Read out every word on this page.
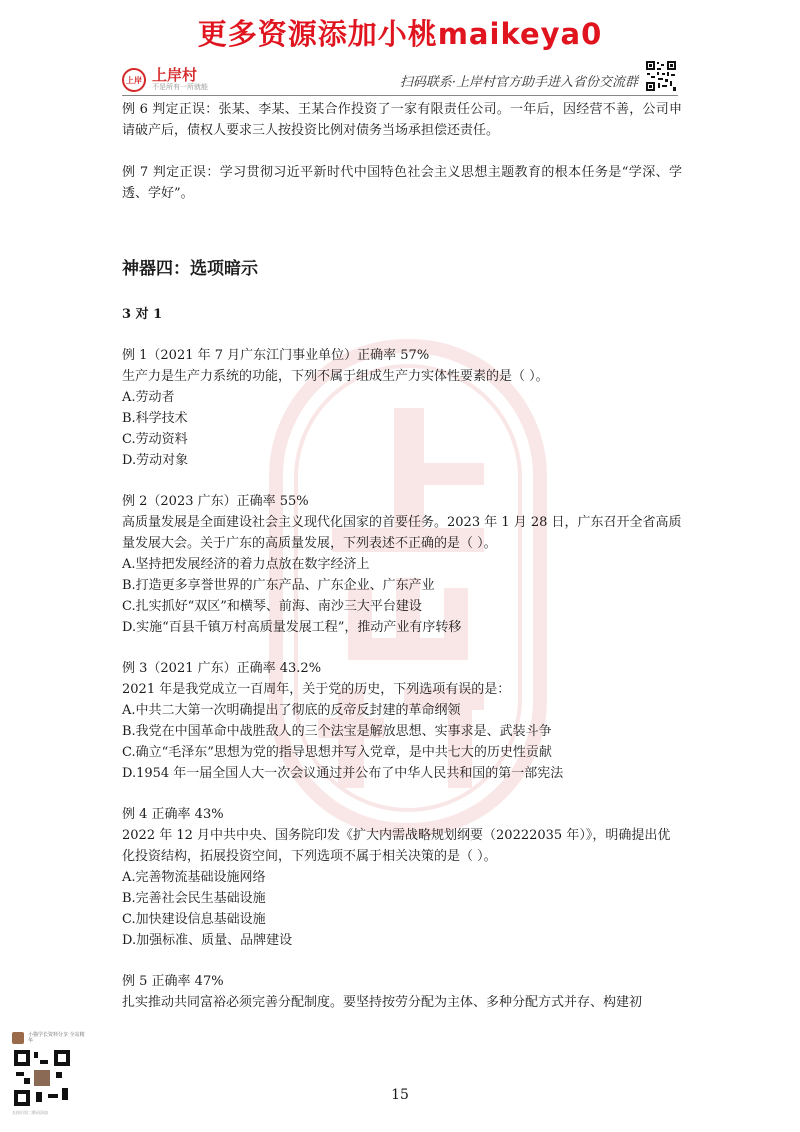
更多资源添加小桃maikeya0
上岸 上岸村
不是所有一所就能	扫码联系·上岸村官方助手进入省份交流群

例 6 判定正误：张某、李某、王某合作投资了一家有限责任公司。一年后，因经营不善，公司申请破产后，债权人要求三人按投资比例对债务当场承担偿还责任。

例 7 判定正误：学习贯彻习近平新时代中国特色社会主义思想主题教育的根本任务是“学深、学透、学好”。

神器四：选项暗示
3 对 1
例 1（2021 年 7 月广东江门事业单位）正确率 57%
生产力是生产力系统的功能，下列不属于组成生产力实体性要素的是（ ）。
A.劳动者
B.科学技术
C.劳动资料
D.劳动对象
例 2（2023 广东）正确率 55%
高质量发展是全面建设社会主义现代化国家的首要任务。2023 年 1 月 28 日，广东召开全省高质量发展大会。关于广东的高质量发展，下列表述不正确的是（ ）。
A.坚持把发展经济的着力点放在数字经济上
B.打造更多享誉世界的广东产品、广东企业、广东产业
C.扎实抓好“双区”和横琴、前海、南沙三大平台建设
D.实施“百县千镇万村高质量发展工程”，推动产业有序转移
例 3（2021 广东）正确率 43.2%
2021 年是我党成立一百周年，关于党的历史，下列选项有误的是：
A.中共二大第一次明确提出了彻底的反帝反封建的革命纲领
B.我党在中国革命中战胜敌人的三个法宝是解放思想、实事求是、武装斗争
C.确立“毛泽东”思想为党的指导思想并写入党章，是中共七大的历史性贡献
D.1954 年一届全国人大一次会议通过并公布了中华人民共和国的第一部宪法
例 4 正确率 43%
2022 年 12 月中共中央、国务院印发《扩大内需战略规划纲要（20222035 年）》，明确提出优化投资结构，拓展投资空间，下列选项不属于相关决策的是（ ）。
A.完善物流基础设施网络
B.完善社会民生基础设施
C.加快建设信息基础设施
D.加强标准、质量、品牌建设
例 5 正确率 47%
扎实推动共同富裕必须完善分配制度。要坚持按劳分配为主体、多种分配方式并存、构建初
15
小猫学长资料分享 全站精华
长按识别二维码添加
